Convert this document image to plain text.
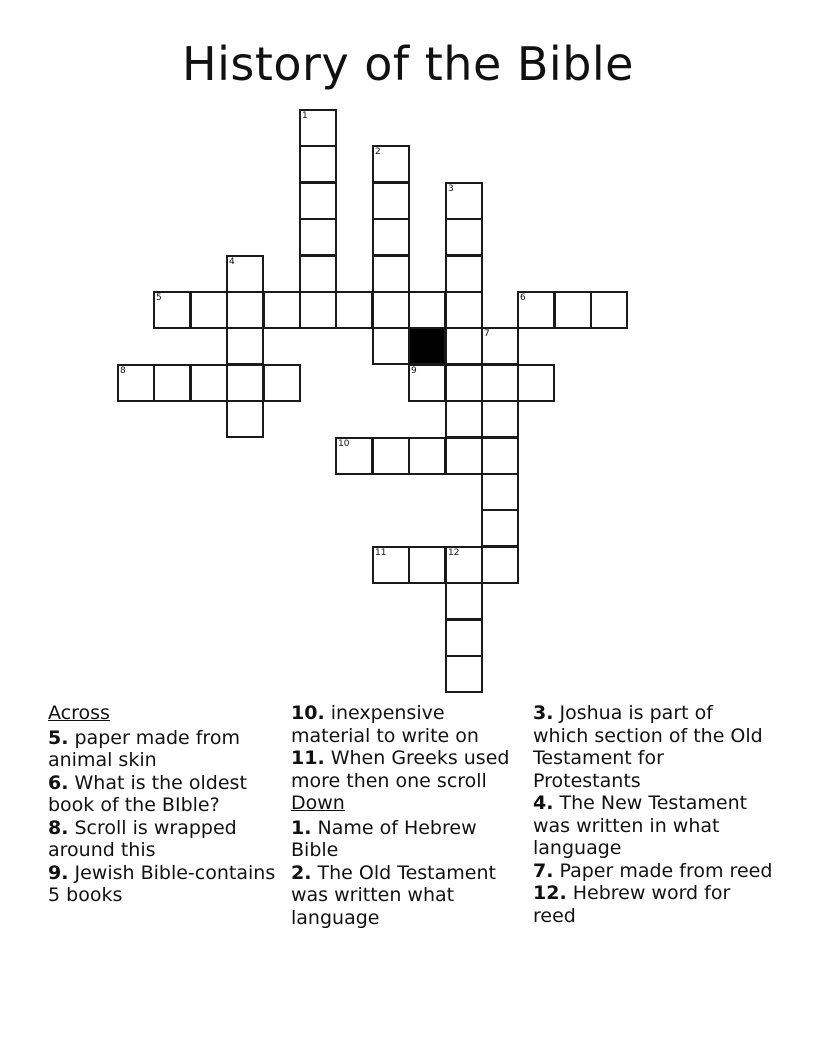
History of the Bible
1
2
3
4
5	6
7
8	9
10
11	12
Across
5. paper made from animal skin
6. What is the oldest book of the BIble?
8. Scroll is wrapped around this
9. Jewish Bible-contains 5 books
10. inexpensive material to write on
11. When Greeks used more then one scroll
Down
1. Name of Hebrew Bible
2. The Old Testament was written what language
3. Joshua is part of which section of the Old Testament for Protestants
4. The New Testament was written in what language
7. Paper made from reed
12. Hebrew word for reed
